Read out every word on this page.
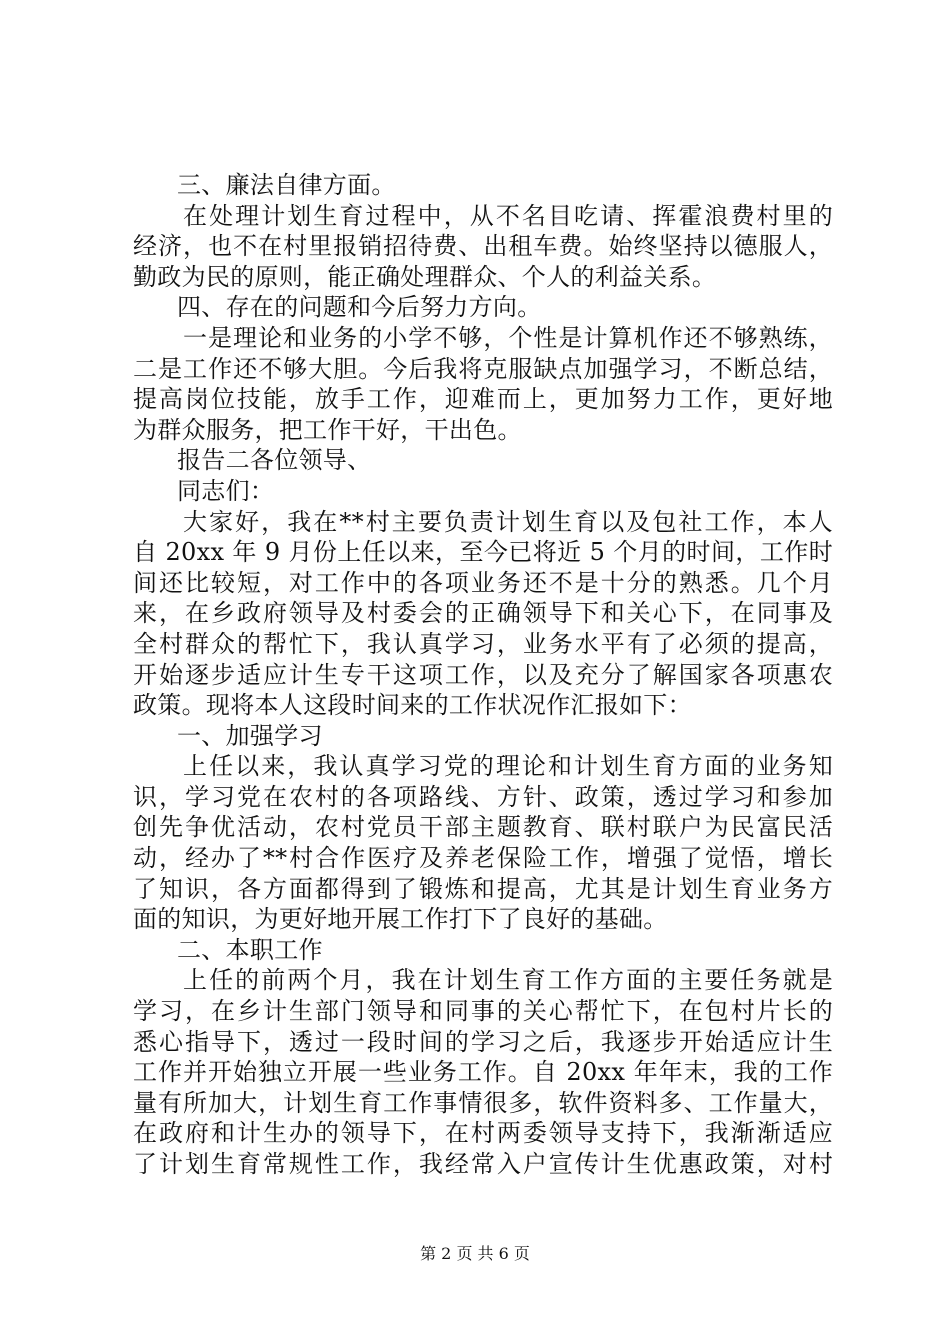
三、廉法自律方面。
在处理计划生育过程中，从不名目吃请、挥霍浪费村里的
经济，也不在村里报销招待费、出租车费。始终坚持以德服人，
勤政为民的原则，能正确处理群众、个人的利益关系。
四、存在的问题和今后努力方向。
一是理论和业务的小学不够，个性是计算机作还不够熟练，
二是工作还不够大胆。今后我将克服缺点加强学习，不断总结，
提高岗位技能，放手工作，迎难而上，更加努力工作，更好地
为群众服务，把工作干好，干出色。
报告二各位领导、
同志们：
大家好，我在**村主要负责计划生育以及包社工作，本人
自 20xx 年 9 月份上任以来，至今已将近 5 个月的时间，工作时
间还比较短，对工作中的各项业务还不是十分的熟悉。几个月
来，在乡政府领导及村委会的正确领导下和关心下，在同事及
全村群众的帮忙下，我认真学习，业务水平有了必须的提高，
开始逐步适应计生专干这项工作，以及充分了解国家各项惠农
政策。现将本人这段时间来的工作状况作汇报如下：
一、加强学习
上任以来，我认真学习党的理论和计划生育方面的业务知
识，学习党在农村的各项路线、方针、政策，透过学习和参加
创先争优活动，农村党员干部主题教育、联村联户为民富民活
动，经办了**村合作医疗及养老保险工作，增强了觉悟，增长
了知识，各方面都得到了锻炼和提高，尤其是计划生育业务方
面的知识，为更好地开展工作打下了良好的基础。
二、本职工作
上任的前两个月，我在计划生育工作方面的主要任务就是
学习，在乡计生部门领导和同事的关心帮忙下，在包村片长的
悉心指导下，透过一段时间的学习之后，我逐步开始适应计生
工作并开始独立开展一些业务工作。自 20xx 年年末，我的工作
量有所加大，计划生育工作事情很多，软件资料多、工作量大，
在政府和计生办的领导下，在村两委领导支持下，我渐渐适应
了计划生育常规性工作，我经常入户宣传计生优惠政策，对村
第 2 页 共 6 页
